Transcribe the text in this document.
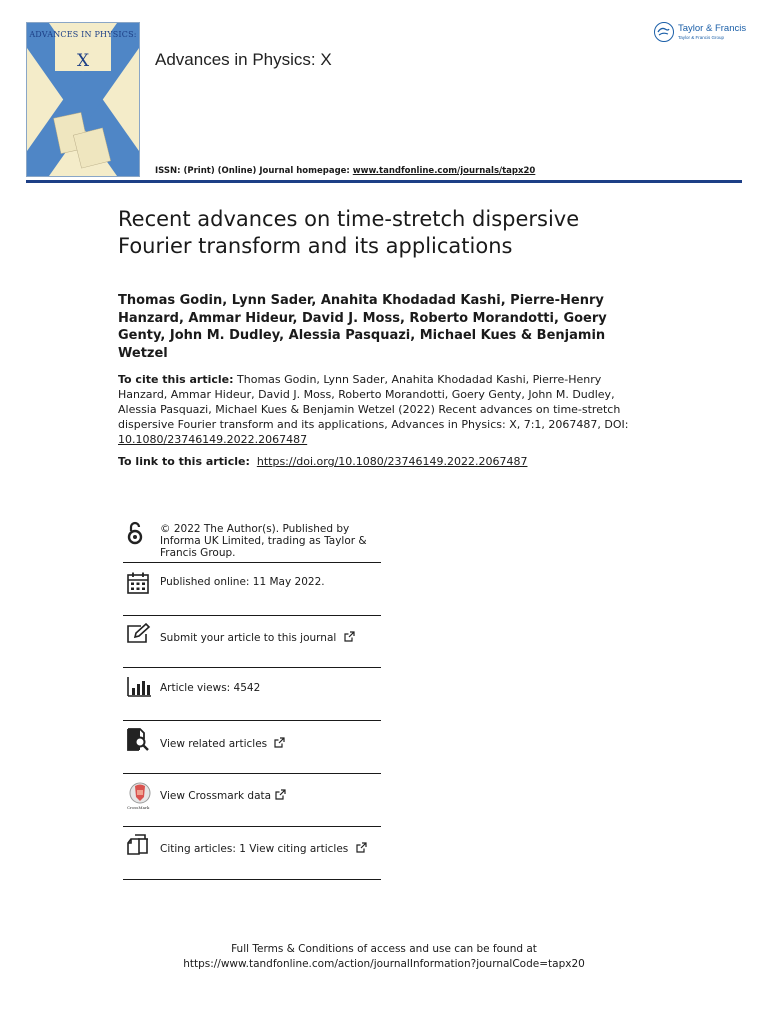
ADVANCES IN PHYSICS:
X	Advances in Physics: X
Taylor & Francis
Taylor & Francis Group
ISSN: (Print) (Online) Journal homepage: www.tandfonline.com/journals/tapx20
Recent advances on time-stretch dispersive
Fourier transform and its applications
Thomas Godin, Lynn Sader, Anahita Khodadad Kashi, Pierre-Henry Hanzard, Ammar Hideur, David J. Moss, Roberto Morandotti, Goery Genty, John M. Dudley, Alessia Pasquazi, Michael Kues & Benjamin Wetzel
To cite this article: Thomas Godin, Lynn Sader, Anahita Khodadad Kashi, Pierre-Henry Hanzard, Ammar Hideur, David J. Moss, Roberto Morandotti, Goery Genty, John M. Dudley, Alessia Pasquazi, Michael Kues & Benjamin Wetzel (2022) Recent advances on time-stretch dispersive Fourier transform and its applications, Advances in Physics: X, 7:1, 2067487, DOI: 10.1080/23746149.2022.2067487
To link to this article: https://doi.org/10.1080/23746149.2022.2067487
© 2022 The Author(s). Published by Informa UK Limited, trading as Taylor & Francis Group.
Published online: 11 May 2022.
Submit your article to this journal
Article views: 4542
View related articles
CrossMark
View Crossmark data
Citing articles: 1 View citing articles
Full Terms & Conditions of access and use can be found at
https://www.tandfonline.com/action/journalInformation?journalCode=tapx20
